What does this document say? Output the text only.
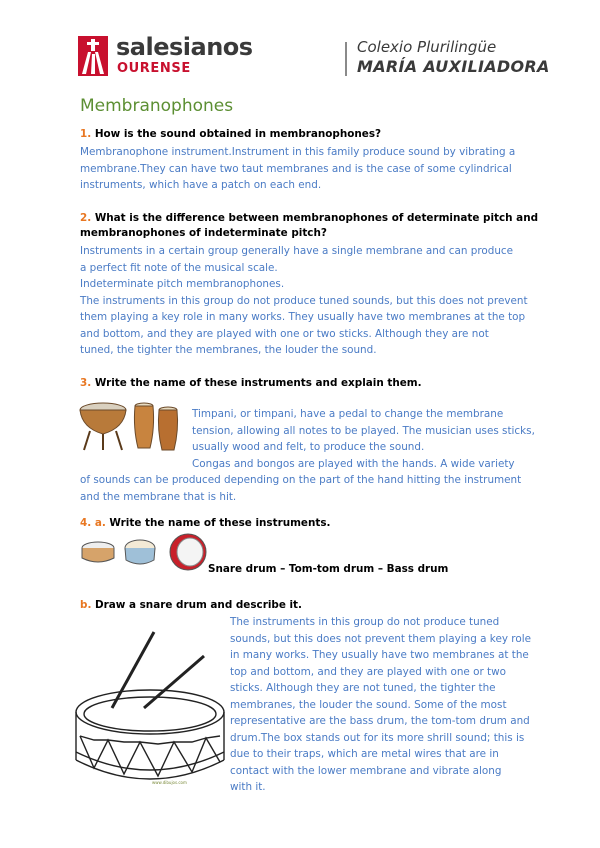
salesianos
OURENSE
Colexio Plurilingüe
MARÍA AUXILIADORA
Membranophones
1. How is the sound obtained in membranophones?

Membranophone instrument.Instrument in this family produce sound by vibrating a

membrane.They can have two taut membranes and is the case of some cylindrical

instruments, which have a patch on each end.

2. What is the difference between membranophones of determinate pitch and
membranophones of indeterminate pitch?

Instruments in a certain group generally have a single membrane and can produce

a perfect fit note of the musical scale.

Indeterminate pitch membranophones.

The instruments in this group do not produce tuned sounds, but this does not prevent

them playing a key role in many works. They usually have two membranes at the top

and bottom, and they are played with one or two sticks. Although they are not

tuned, the tighter the membranes, the louder the sound.

3. Write the name of these instruments and explain them.

Timpani, or timpani, have a pedal to change the membrane

tension, allowing all notes to be played. The musician uses sticks,

usually wood and felt, to produce the sound.

Congas and bongos are played with the hands. A wide variety

of sounds can be produced depending on the part of the hand hitting the instrument

and the membrane that is hit.

4. a. Write the name of these instruments.
Snare drum – Tom-tom drum – Bass drum
b. Draw a snare drum and describe it.
www.dibujos.com

The instruments in this group do not produce tuned

sounds, but this does not prevent them playing a key role

in many works. They usually have two membranes at the

top and bottom, and they are played with one or two

sticks. Although they are not tuned, the tighter the

membranes, the louder the sound. Some of the most

representative are the bass drum, the tom-tom drum and

drum.The box stands out for its more shrill sound; this is

due to their traps, which are metal wires that are in

contact with the lower membrane and vibrate along

with it.
